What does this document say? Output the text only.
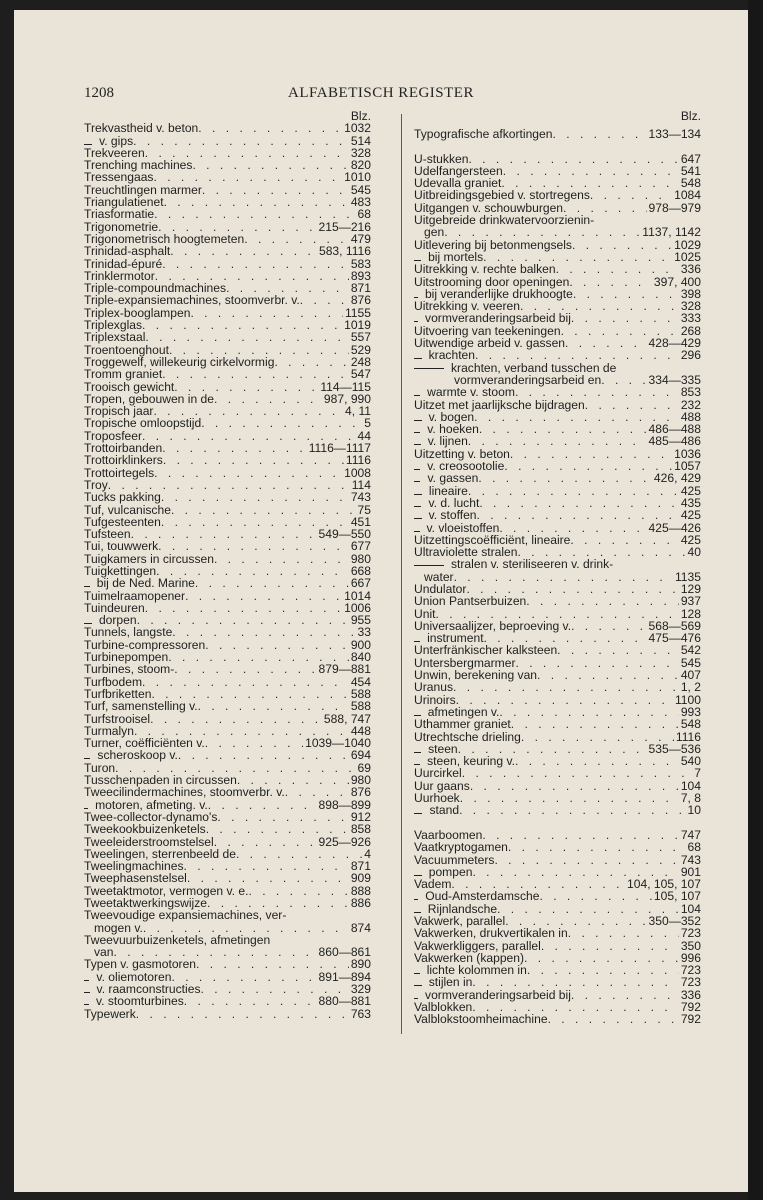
1208	ALFABETISCH REGISTER
Blz.
Trekvastheid v. beton . . .	1032
v. gips . . .	514
Trekveeren . . .	328
Trenching machines . . .	820
Tressengaas . . .	1010
Treuchtlingen marmer . . .	545
Triangulatienet . . .	483
Triasformatie . . .	68
Trigonometrie . . .	215—216
Trigonometrisch hoogtemeten . . .	479
Trinidad-asphalt . . .	583, 1116
Trinidad-épuré . . .	583
Trinklermotor . . .	893
Triple-compoundmachines . . .	871
Triple-expansiemachines, stoomverbr. v. . . .	876
Triplex-booglampen . . .	1155
Triplexglas . . .	1019
Triplexstaal . . .	557
Troentoenghout . . .	529
Troggewelf, willekeurig cirkelvormig . . .	248
Tromm graniet . . .	547
Trooisch gewicht . . .	114—115
Tropen, gebouwen in de . . .	987, 990
Tropisch jaar . . .	4, 11
Tropische omloopstijd . . .	5
Troposfeer . . .	44
Trottoirbanden . . .	1116—1117
Trottoirklinkers . . .	1116
Trottoirtegels . . .	1008
Troy . . .	114
Tucks pakking . . .	743
Tuf, vulcanische . . .	75
Tufgesteenten . . .	451
Tufsteen . . .	549—550
Tui, touwwerk . . .	677
Tuigkamers in circussen . . .	980
Tuigkettingen . . .	668
bij de Ned. Marine . . .	667
Tuimelraamopener . . .	1014
Tuindeuren . . .	1006
dorpen . . .	955
Tunnels, langste . . .	33
Turbine-compressoren . . .	900
Turbinepompen . . .	840
Turbines, stoom- . . .	879—881
Turfbodem . . .	454
Turfbriketten . . .	588
Turf, samenstelling v. . . .	588
Turfstrooisel . . .	588, 747
Turmalyn . . .	448
Turner, coëfficiënten v. . . .	1039—1040
scheroskoop v. . . .	694
Turon . . .	69
Tusschenpaden in circussen . . .	980
Tweecilindermachines, stoomverbr. v. . . .	876
motoren, afmeting. v. . . .	898—899
Twee-collector-dynamo's . . .	912
Tweekookbuizenketels . . .	858
Tweeleiderstroomstelsel . . .	925—926
Tweelingen, sterrenbeeld de . . .	4
Tweelingmachines . . .	871
Tweephasenstelsel . . .	909
Tweetaktmotor, vermogen v. e. . . .	888
Tweetaktwerkingswijze . . .	886
Tweevoudige expansiemachines, ver-
mogen v. . . .	874
Tweevuurbuizenketels, afmetingen
van . . .	860—861
Typen v. gasmotoren . . .	890
v. oliemotoren . . .	891—894
v. raamconstructies . . .	329
v. stoomturbines . . .	880—881
Typewerk . . .	763
Blz.
Typografische afkortingen . . .	133—134
U-stukken . . .	647
Udelfangersteen . . .	541
Udevalla graniet . . .	548
Uitbreidingsgebied v. stortregens . . .	1084
Uitgangen v. schouwburgen . . .	978—979
Uitgebreide drinkwatervoorzienin-
gen . . .	1137, 1142
Uitlevering bij betonmengsels . . .	1029
bij mortels . . .	1025
Uitrekking v. rechte balken . . .	336
Uitstrooming door openingen . . .	397, 400
bij veranderlijke drukhoogte . . .	398
Uitrekking v. veeren . . .	328
vormveranderingsarbeid bij . . .	333
Uitvoering van teekeningen . . .	268
Uitwendige arbeid v. gassen . . .	428—429
krachten . . .	296
krachten, verband tusschen de
vormveranderingsarbeid en . . .	334—335
warmte v. stoom . . .	853
Uitzet met jaarlijksche bijdragen . . .	232
v. bogen . . .	488
v. hoeken . . .	486—488
v. lijnen . . .	485—486
Uitzetting v. beton . . .	1036
v. creosootolie . . .	1057
v. gassen . . .	426, 429
lineaire . . .	425
v. d. lucht . . .	435
v. stoffen . . .	425
v. vloeistoffen . . .	425—426
Uitzettingscoëfficiënt, lineaire . . .	425
Ultraviolette stralen . . .	40
stralen v. steriliseeren v. drink-
water . . .	1135
Undulator . . .	129
Union Pantserbuizen . . .	937
Unit . . .	128
Universaalijzer, beproeving v. . . .	568—569
instrument . . .	475—476
Unterfränkischer kalksteen . . .	542
Untersbergmarmer . . .	545
Unwin, berekening van . . .	407
Uranus . . .	1, 2
Urinoirs . . .	1100
afmetingen v. . . .	993
Uthammer graniet . . .	548
Utrechtsche drieling . . .	1116
steen . . .	535—536
steen, keuring v. . . .	540
Uurcirkel . . .	7
Uur gaans . . .	104
Uurhoek . . .	7, 8
stand . . .	10
Vaarboomen . . .	747
Vaatkryptogamen . . .	68
Vacuummeters . . .	743
pompen . . .	901
Vadem . . .	104, 105, 107
Oud-Amsterdamsche . . .	105, 107
Rijnlandsche . . .	104
Vakwerk, parallel . . .	350—352
Vakwerken, drukvertikalen in . . .	723
Vakwerkliggers, parallel . . .	350
Vakwerken (kappen) . . .	996
lichte kolommen in . . .	723
stijlen in . . .	723
vormveranderingsarbeid bij . . .	336
Valblokken . . .	792
Valblokstoomheimachine . . .	792
